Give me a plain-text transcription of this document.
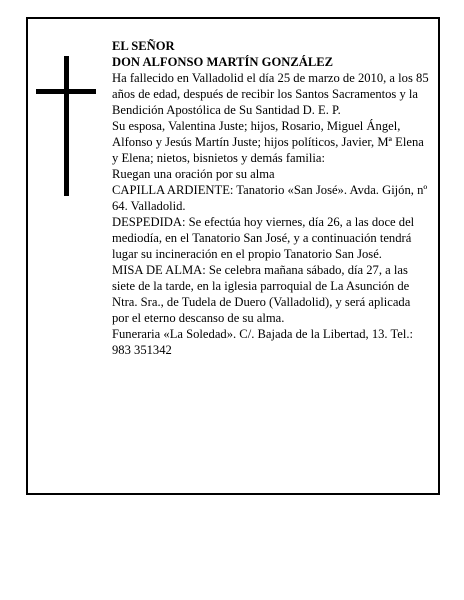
EL SEÑOR

DON ALFONSO MARTÍN GONZÁLEZ

Ha fallecido en Valladolid el día 25 de marzo de 2010, a los 85 años de edad, después de recibir los Santos Sacramentos y la Bendición Apostólica de Su Santidad D. E. P.

Su esposa, Valentina Juste; hijos, Rosario, Miguel Ángel, Alfonso y Jesús Martín Juste; hijos políticos, Javier, Mª Elena y Elena; nietos, bisnietos y demás familia:

Ruegan una oración por su alma

CAPILLA ARDIENTE: Tanatorio «San José». Avda. Gijón, nº 64. Valladolid.

DESPEDIDA: Se efectúa hoy viernes, día 26, a las doce del mediodía, en el Tanatorio San José, y a continuación tendrá lugar su incineración en el propio Tanatorio San José.

MISA DE ALMA: Se celebra mañana sábado, día 27, a las siete de la tarde, en la iglesia parroquial de La Asunción de Ntra. Sra., de Tudela de Duero (Valladolid), y será aplicada por el eterno descanso de su alma.

Funeraria «La Soledad». C/. Bajada de la Libertad, 13. Tel.: 983 351342
